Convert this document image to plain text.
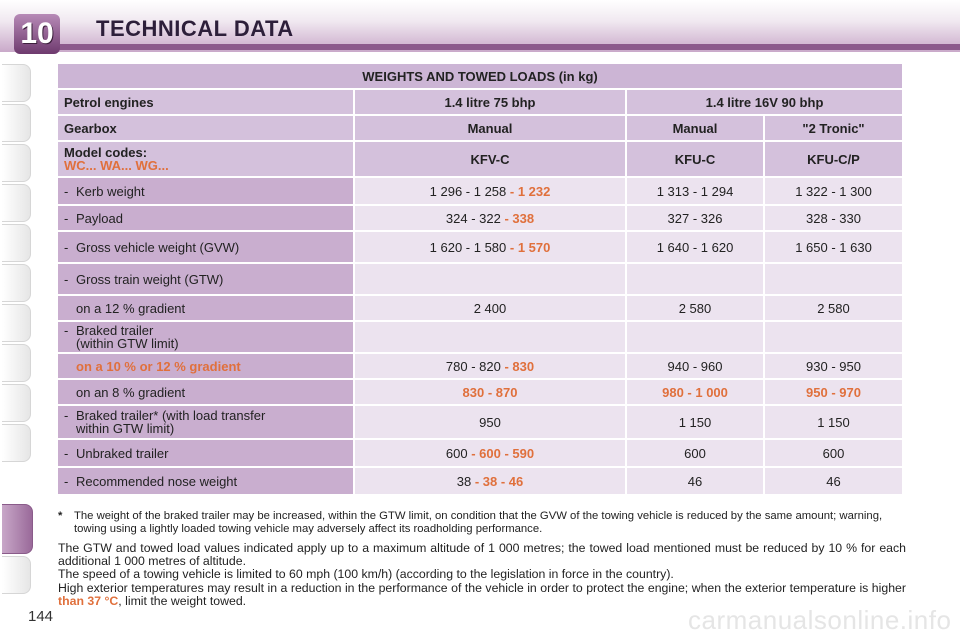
10 TECHNICAL DATA
WEIGHTS AND TOWED LOADS (in kg)			
Petrol engines	1.4 litre 75 bhp	1.4 litre 16V 90 bhp	
Gearbox	Manual	Manual	"2 Tronic"

Model codes:
WC... WA... WG...	KFV-C	KFU-C	KFU-C/P
- Kerb weight	1 296 - 1 258 - 1 232	1 313 - 1 294	1 322 - 1 300
- Payload	324 - 322 - 338	327 - 326	328 - 330
- Gross vehicle weight (GVW)	1 620 - 1 580 - 1 570	1 640 - 1 620	1 650 - 1 630
- Gross train weight (GTW)			
on a 12 % gradient	2 400	2 580	2 580

- Braked trailer
(within GTW limit)			

on a 10 % or 12 % gradient	780 - 820 - 830	940 - 960	930 - 950
on an 8 % gradient	830 - 870	980 - 1 000	950 - 970

- Braked trailer* (with load transfer
within GTW limit)	950	1 150	1 150
- Unbraked trailer	600 - 600 - 590	600	600
- Recommended nose weight	38 - 38 - 46	46	46
* The weight of the braked trailer may be increased, within the GTW limit, on condition that the GVW of the towing vehicle is reduced by the same amount; warning, towing using a lightly loaded towing vehicle may adversely affect its roadholding performance.

The GTW and towed load values indicated apply up to a maximum altitude of 1 000 metres; the towed load mentioned must be reduced by 10 % for each additional 1 000 metres of altitude.

The speed of a towing vehicle is limited to 60 mph (100 km/h) (according to the legislation in force in the country).

High exterior temperatures may result in a reduction in the performance of the vehicle in order to protect the engine; when the exterior temperature is higher than 37 °C, limit the weight towed.

144	carmanualsonline.info
